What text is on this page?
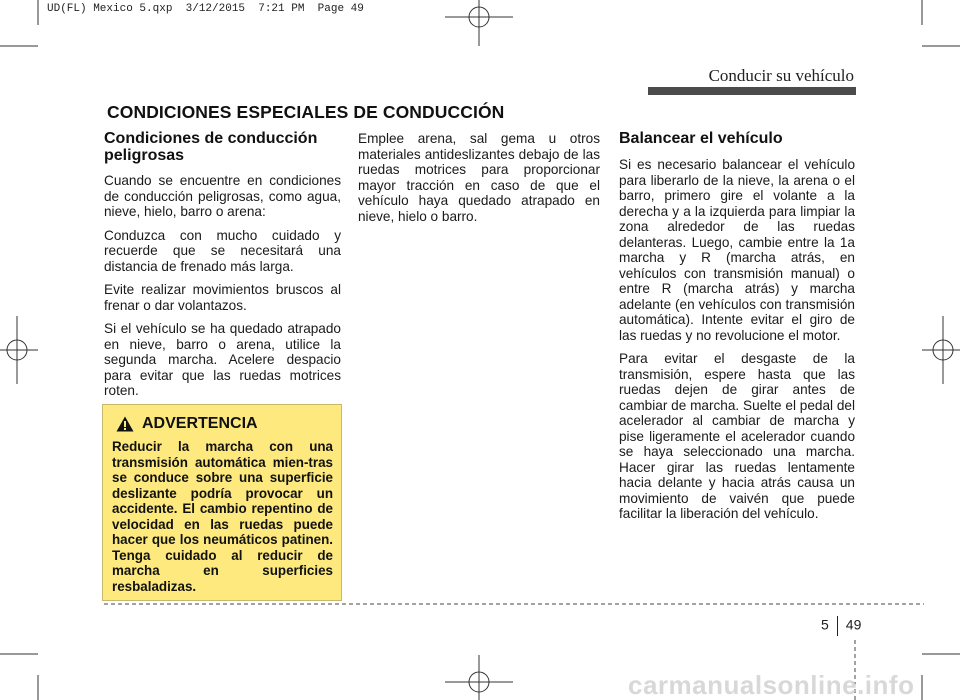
UD(FL) Mexico 5.qxp  3/12/2015  7:21 PM  Page 49
Conducir su vehículo
CONDICIONES ESPECIALES DE CONDUCCIÓN
Condiciones de conducción peligrosas

Cuando se encuentre en condiciones de conducción peligrosas, como agua, nieve, hielo, barro o arena:

Conduzca con mucho cuidado y recuerde que se necesitará una distancia de frenado más larga.

Evite realizar movimientos bruscos al frenar o dar volantazos.

Si el vehículo se ha quedado atrapado en nieve, barro o arena, utilice la segunda marcha. Acelere despacio para evitar que las ruedas motrices roten.

ADVERTENCIA
Reducir la marcha con una transmisión automática mien-tras se conduce sobre una superficie deslizante podría provocar un accidente. El cambio repentino de velocidad en las ruedas puede hacer que los neumáticos patinen. Tenga cuidado al reducir de marcha en superficies resbaladizas.

Emplee arena, sal gema u otros materiales antideslizantes debajo de las ruedas motrices para proporcionar mayor tracción en caso de que el vehículo haya quedado atrapado en nieve, hielo o barro.

Balancear el vehículo

Si es necesario balancear el vehículo para liberarlo de la nieve, la arena o el barro, primero gire el volante a la derecha y a la izquierda para limpiar la zona alrededor de las ruedas delanteras. Luego, cambie entre la 1a marcha y R (marcha atrás, en vehículos con transmisión manual) o entre R (marcha atrás) y marcha adelante (en vehículos con transmisión automática). Intente evitar el giro de las ruedas y no revolucione el motor.

Para evitar el desgaste de la transmisión, espere hasta que las ruedas dejen de girar antes de cambiar de marcha. Suelte el pedal del acelerador al cambiar de marcha y pise ligeramente el acelerador cuando se haya seleccionado una marcha. Hacer girar las ruedas lentamente hacia delante y hacia atrás causa un movimiento de vaivén que puede facilitar la liberación del vehículo.

5 49
carmanualsonline.info
